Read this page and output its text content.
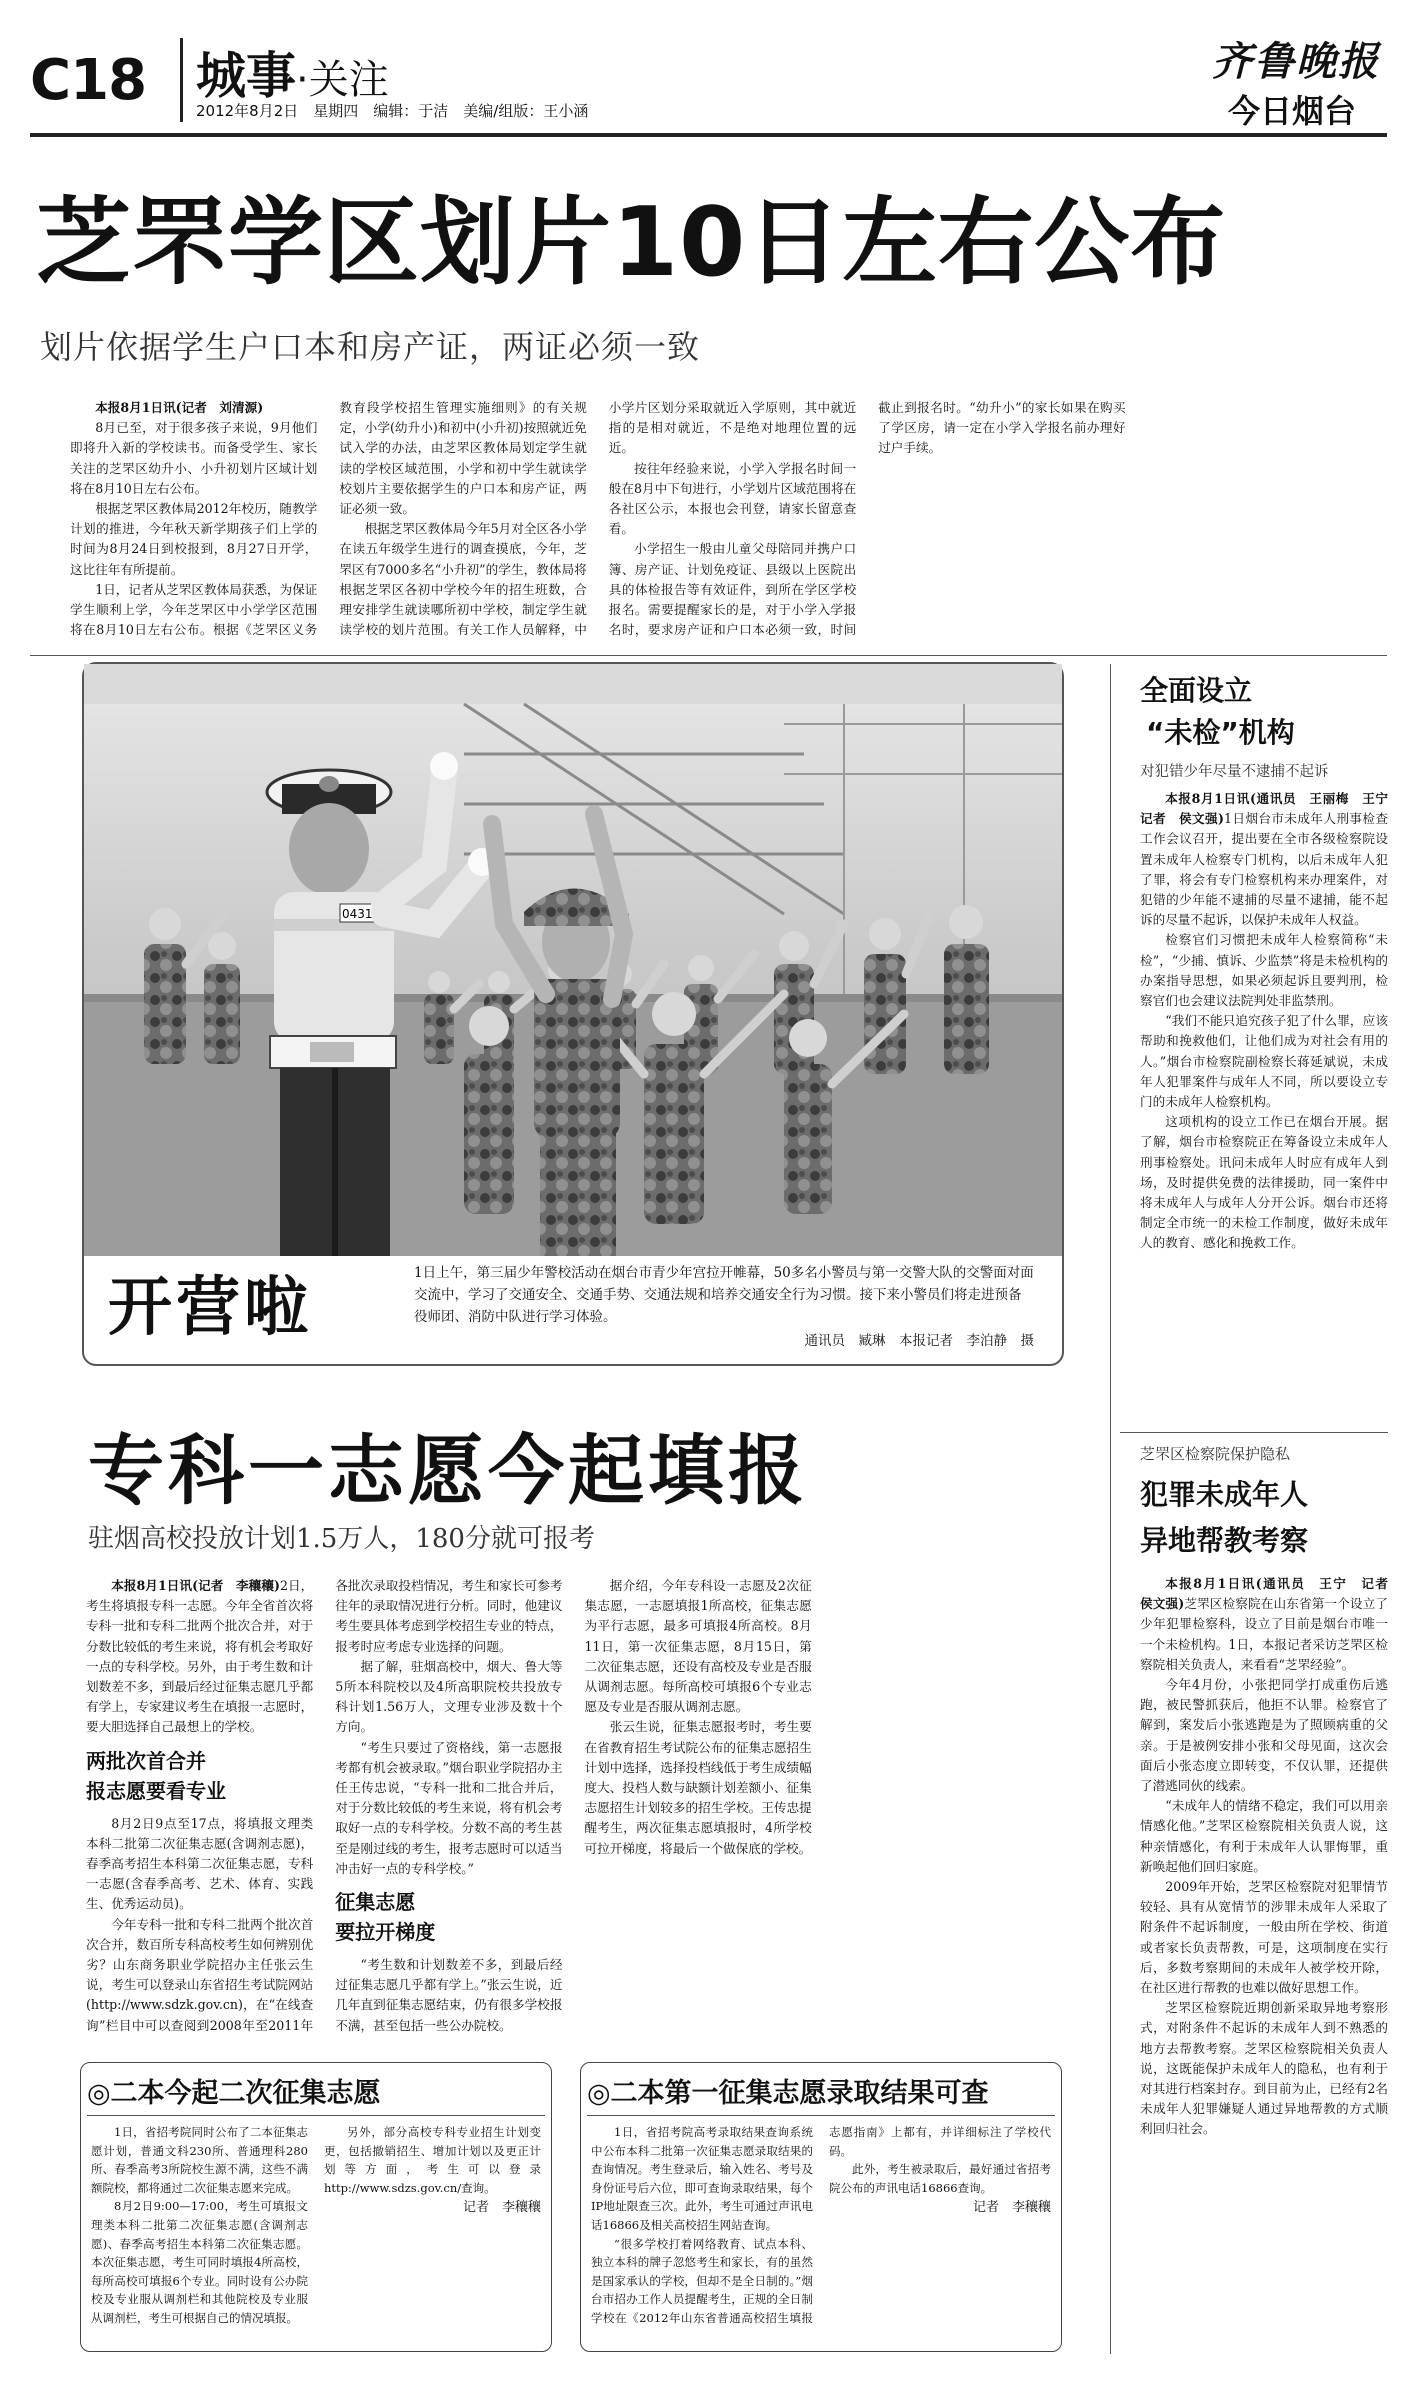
C18 城事·关注
2012年8月2日　星期四　编辑：于洁　美编/组版：王小涵
齐鲁晚报
今日烟台
芝罘学区划片10日左右公布
划片依据学生户口本和房产证，两证必须一致

本报8月1日讯(记者　刘清源)

8月已至，对于很多孩子来说，9月他们即将升入新的学校读书。而备受学生、家长关注的芝罘区幼升小、小升初划片区域计划将在8月10日左右公布。

根据芝罘区教体局2012年校历，随教学计划的推进，今年秋天新学期孩子们上学的时间为8月24日到校报到，8月27日开学，这比往年有所提前。

1日，记者从芝罘区教体局获悉，为保证学生顺利上学，今年芝罘区中小学学区范围将在8月10日左右公布。根据《芝罘区义务教育段学校招生管理实施细则》的有关规定，小学(幼升小)和初中(小升初)按照就近免试入学的办法，由芝罘区教体局划定学生就读的学校区域范围，小学和初中学生就读学校划片主要依据学生的户口本和房产证，两证必须一致。

根据芝罘区教体局今年5月对全区各小学在读五年级学生进行的调查摸底，今年，芝罘区有7000多名“小升初”的学生，教体局将根据芝罘区各初中学校今年的招生班数，合理安排学生就读哪所初中学校，制定学生就读学校的划片范围。有关工作人员解释，中小学片区划分采取就近入学原则，其中就近指的是相对就近，不是绝对地理位置的远近。

按往年经验来说，小学入学报名时间一般在8月中下旬进行，小学划片区域范围将在各社区公示，本报也会刊登，请家长留意查看。

小学招生一般由儿童父母陪同并携户口簿、房产证、计划免疫证、县级以上医院出具的体检报告等有效证件，到所在学区学校报名。需要提醒家长的是，对于小学入学报名时，要求房产证和户口本必须一致，时间截止到报名时。“幼升小”的家长如果在购买了学区房，请一定在小学入学报名前办理好过户手续。

043158
开营啦	1日上午，第三届少年警校活动在烟台市青少年宫拉开帷幕，50多名小警员与第一交警大队的交警面对面交流中，学习了交通安全、交通手势、交通法规和培养交通安全行为习惯。接下来小警员们将走进预备役师团、消防中队进行学习体验。
通讯员　臧琳　本报记者　李泊静　摄
专科一志愿今起填报
驻烟高校投放计划1.5万人，180分就可报考

本报8月1日讯(记者　李穰穰)2日，考生将填报专科一志愿。今年全省首次将专科一批和专科二批两个批次合并，对于分数比较低的考生来说，将有机会考取好一点的专科学校。另外，由于考生数和计划数差不多，到最后经过征集志愿几乎都有学上，专家建议考生在填报一志愿时，要大胆选择自己最想上的学校。

两批次首合并
报志愿要看专业

8月2日9点至17点，将填报文理类本科二批第二次征集志愿(含调剂志愿)，春季高考招生本科第二次征集志愿，专科一志愿(含春季高考、艺术、体育、实践生、优秀运动员)。

今年专科一批和专科二批两个批次首次合并，数百所专科高校考生如何辨别优劣？山东商务职业学院招办主任张云生说，考生可以登录山东省招生考试院网站(http://www.sdzk.gov.cn)，在“在线查询”栏目中可以查阅到2008年至2011年各批次录取投档情况，考生和家长可参考往年的录取情况进行分析。同时，他建议考生要具体考虑到学校招生专业的特点，报考时应考虑专业选择的问题。

据了解，驻烟高校中，烟大、鲁大等5所本科院校以及4所高职院校共投放专科计划1.56万人，文理专业涉及数十个方向。

“考生只要过了资格线，第一志愿报考都有机会被录取。”烟台职业学院招办主任王传忠说，“专科一批和二批合并后，对于分数比较低的考生来说，将有机会考取好一点的专科学校。分数不高的考生甚至是刚过线的考生，报考志愿时可以适当冲击好一点的专科学校。”

征集志愿
要拉开梯度

“考生数和计划数差不多，到最后经过征集志愿几乎都有学上。”张云生说，近几年直到征集志愿结束，仍有很多学校报不满，甚至包括一些公办院校。

据介绍，今年专科设一志愿及2次征集志愿，一志愿填报1所高校，征集志愿为平行志愿，最多可填报4所高校。8月11日，第一次征集志愿，8月15日，第二次征集志愿，还设有高校及专业是否服从调剂志愿。每所高校可填报6个专业志愿及专业是否服从调剂志愿。

张云生说，征集志愿报考时，考生要在省教育招生考试院公布的征集志愿招生计划中选择，选择投档线低于考生成绩幅度大、投档人数与缺额计划差额小、征集志愿招生计划较多的招生学校。王传忠提醒考生，两次征集志愿填报时，4所学校可拉开梯度，将最后一个做保底的学校。

◎二本今起二次征集志愿

1日，省招考院同时公布了二本征集志愿计划，普通文科230所、普通理科280所、春季高考3所院校生源不满，这些不满额院校，都将通过二次征集志愿来完成。

8月2日9:00—17:00，考生可填报文理类本科二批第二次征集志愿(含调剂志愿)、春季高考招生本科第二次征集志愿。本次征集志愿，考生可同时填报4所高校，每所高校可填报6个专业。同时设有公办院校及专业服从调剂栏和其他院校及专业服从调剂栏，考生可根据自己的情况填报。

另外，部分高校专科专业招生计划变更，包括撤销招生、增加计划以及更正计划等方面，考生可以登录http://www.sdzs.gov.cn/查询。

记者　李穰穰
◎二本第一征集志愿录取结果可查

1日，省招考院高考录取结果查询系统中公布本科二批第一次征集志愿录取结果的查询情况。考生登录后，输入姓名、考号及身份证号后六位，即可查询录取结果，每个IP地址限查三次。此外，考生可通过声讯电话16866及相关高校招生网站查询。

“很多学校打着网络教育、试点本科、独立本科的牌子忽悠考生和家长，有的虽然是国家承认的学校，但却不是全日制的。”烟台市招办工作人员提醒考生，正规的全日制学校在《2012年山东省普通高校招生填报志愿指南》上都有，并详细标注了学校代码。

此外，考生被录取后，最好通过省招考院公布的声讯电话16866查询。

记者　李穰穰
全面设立
“未检”机构
对犯错少年尽量不逮捕不起诉

本报8月1日讯(通讯员　王丽梅　王宁　记者　侯文强)1日烟台市未成年人刑事检查工作会议召开，提出要在全市各级检察院设置未成年人检察专门机构，以后未成年人犯了罪，将会有专门检察机构来办理案件，对犯错的少年能不逮捕的尽量不逮捕，能不起诉的尽量不起诉，以保护未成年人权益。

检察官们习惯把未成年人检察简称“未检”，“少捕、慎诉、少监禁”将是未检机构的办案指导思想，如果必须起诉且要判刑，检察官们也会建议法院判处非监禁刑。

“我们不能只追究孩子犯了什么罪，应该帮助和挽救他们，让他们成为对社会有用的人。”烟台市检察院副检察长蒋延斌说，未成年人犯罪案件与成年人不同，所以要设立专门的未成年人检察机构。

这项机构的设立工作已在烟台开展。据了解，烟台市检察院正在筹备设立未成年人刑事检察处。讯问未成年人时应有成年人到场，及时提供免费的法律援助，同一案件中将未成年人与成年人分开公诉。烟台市还将制定全市统一的未检工作制度，做好未成年人的教育、感化和挽救工作。

芝罘区检察院保护隐私
犯罪未成年人
异地帮教考察

本报8月1日讯(通讯员　王宁　记者　侯文强)芝罘区检察院在山东省第一个设立了少年犯罪检察科，设立了目前是烟台市唯一一个未检机构。1日，本报记者采访芝罘区检察院相关负责人，来看看“芝罘经验”。

今年4月份，小张把同学打成重伤后逃跑，被民警抓获后，他拒不认罪。检察官了解到，案发后小张逃跑是为了照顾病重的父亲。于是被例安排小张和父母见面，这次会面后小张态度立即转变，不仅认罪，还提供了潜逃同伙的线索。

“未成年人的情绪不稳定，我们可以用亲情感化他。”芝罘区检察院相关负责人说，这种亲情感化，有利于未成年人认罪悔罪，重新唤起他们回归家庭。

2009年开始，芝罘区检察院对犯罪情节较轻、具有从宽情节的涉罪未成年人采取了附条件不起诉制度，一般由所在学校、街道或者家长负责帮教，可是，这项制度在实行后，多数考察期间的未成年人被学校开除，在社区进行帮教的也难以做好思想工作。

芝罘区检察院近期创新采取异地考察形式，对附条件不起诉的未成年人到不熟悉的地方去帮教考察。芝罘区检察院相关负责人说，这既能保护未成年人的隐私，也有利于对其进行档案封存。到目前为止，已经有2名未成年人犯罪嫌疑人通过异地帮教的方式顺利回归社会。
